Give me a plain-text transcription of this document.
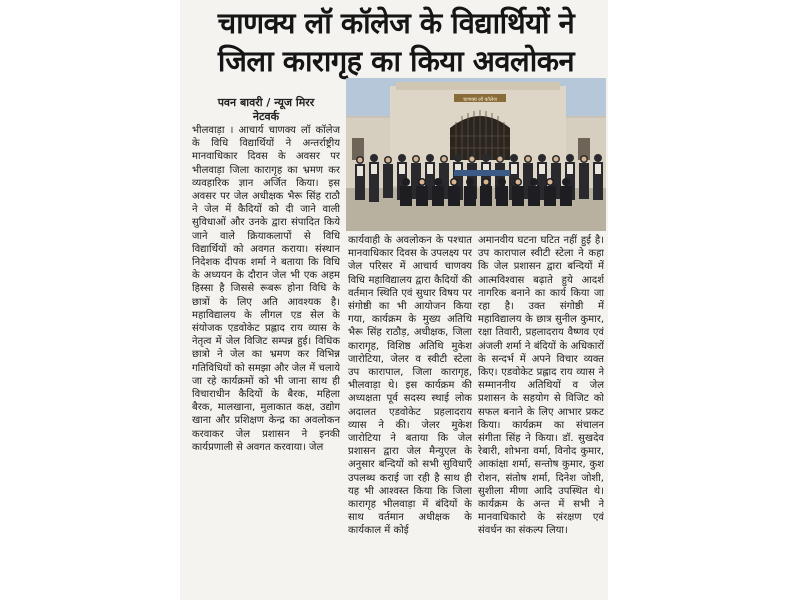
चाणक्य लॉ कॉलेज के विद्यार्थियों ने
जिला कारागृह का किया अवलोकन
पवन बावरी / न्यूज मिरर
नेटवर्क
चाणक्य लॉ कॉलेज
भीलवाड़ा । आचार्य चाणक्य लॉ कॉलेज के विधि विद्यार्थियों ने अन्तर्राष्ट्रीय मानवाधिकार दिवस के अवसर पर भीलवाड़ा जिला कारागृह का भ्रमण कर व्यवहारिक ज्ञान अर्जित किया। इस अवसर पर जेल अधीक्षक भैरू सिंह राठौ ने जेल में कैदियों को दी जाने वाली सुविधाओं और उनके द्वारा संपादित किये जाने वाले क्रियाकलापों से विधि विद्यार्थियों को अवगत कराया। संस्थान निदेशक दीपक शर्मा ने बताया कि विधि के अध्ययन के दौरान जेल भी एक अहम हिस्सा है जिससे रूबरू होना विधि के छात्रों के लिए अति आवश्यक है। महाविद्यालय के लीगल एड सेल के संयोजक एडवोकेट प्रह्लाद राय व्यास के नेतृत्व में जेल विजिट सम्पन्न हुई। विधिक छात्रो ने जेल का भ्रमण कर विभिन्न गतिविधियों को समझा और जेल में चलाये जा रहे कार्यक्रमों को भी जाना साथ ही विचाराधीन कैदियों के बैरक, महिला बैरक, मालखाना, मुलाकात कक्ष, उद्योग खाना और प्रशिक्षण केन्द्र का अवलोकन करवाकर जेल प्रशासन ने इनकी कार्यप्रणाली से अवगत करवाया। जेल
कार्यवाही के अवलोकन के पश्चात मानवाधिकार दिवस के उपलक्ष्य पर जेल परिसर में आचार्य चाणक्य विधि महाविद्यालय द्वारा कैदियों की वर्तमान स्थिति एवं सुधार विषय पर संगोष्ठी का भी आयोजन किया गया, कार्यक्रम के मुख्य अतिथि भैरू सिंह राठौड़, अधीक्षक, जिला कारागृह, विशिष्ठ अतिथि मुकेश जारोटिया, जेलर व स्वीटी स्टेला उप कारापाल, जिला कारागृह, भीलवाड़ा थे। इस कार्यक्रम की अध्यक्षता पूर्व सदस्य स्थाई लोक अदालत एडवोकेट प्रहलादराय व्यास ने की। जेलर मुकेश जारोटिया ने बताया कि जेल प्रशासन द्वारा जेल मैन्युएल के अनुसार बन्दियों को सभी सुविधाएँ उपलब्ध कराई जा रही है साथ ही यह भी आश्वस्त किया कि जिला कारागृह भीलवाड़ा में बंदियों के साथ वर्तमान अधीक्षक के कार्यकाल में कोई
अमानवीय घटना घटित नहीं हुई है। उप कारापाल स्वीटी स्टेला ने कहा कि जेल प्रशासन द्वारा बन्दियों में आत्मविश्वास बढ़ाते हुये आदर्श नागरिक बनाने का कार्य किया जा रहा है। उक्त संगोष्ठी में महाविद्यालय के छात्र सुनील कुमार, रक्षा तिवारी, प्रहलादराय वैष्णव एवं अंजली शर्मा ने बंदियों के अधिकारों के सन्दर्भ में अपने विचार व्यक्त किए। एडवोकेट प्रह्लाद राय व्यास ने सम्माननीय अतिथियों व जेल प्रशासन के सहयोग से विजिट को सफल बनाने के लिए आभार प्रकट किया। कार्यक्रम का संचालन संगीता सिंह ने किया। डॉ. सुखदेव रेबारी, शोभना वर्मा, विनोद कुमार, आकांक्षा शर्मा, सन्तोष कुमार, कुश रोशन, संतोष शर्मा, दिनेश जोशी, सुशीला मीणा आदि उपस्थित थे। कार्यक्रम के अन्त में सभी ने मानवाधिकारो के संरक्षण एवं संवर्धन का संकल्प लिया।
